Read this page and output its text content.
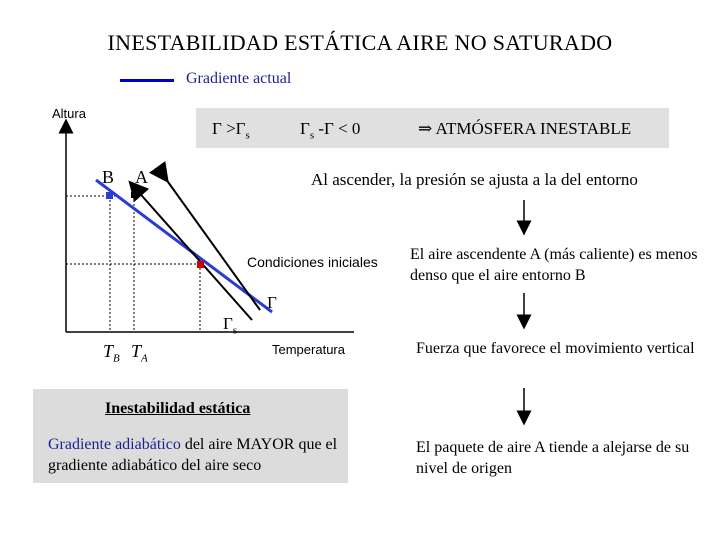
INESTABILIDAD ESTÁTICA AIRE NO SATURADO
Gradiente actual
Altura
$\Gamma >\Gamma_s$	$\Gamma_s$ -Γ < 0	⇒ ATMÓSFERA INESTABLE
B A	Al ascender, la presión se ajusta a la del entorno
Condiciones iniciales
$\Gamma_s$
Γ
$T_B$ $T_A$
Temperatura
El aire ascendente A (más caliente) es menos denso que el aire entorno B
Fuerza que favorece el movimiento vertical
El paquete de aire A tiende a alejarse de su nivel de origen
Inestabilidad estática
Gradiente adiabático del aire MAYOR que el gradiente adiabático del aire seco
